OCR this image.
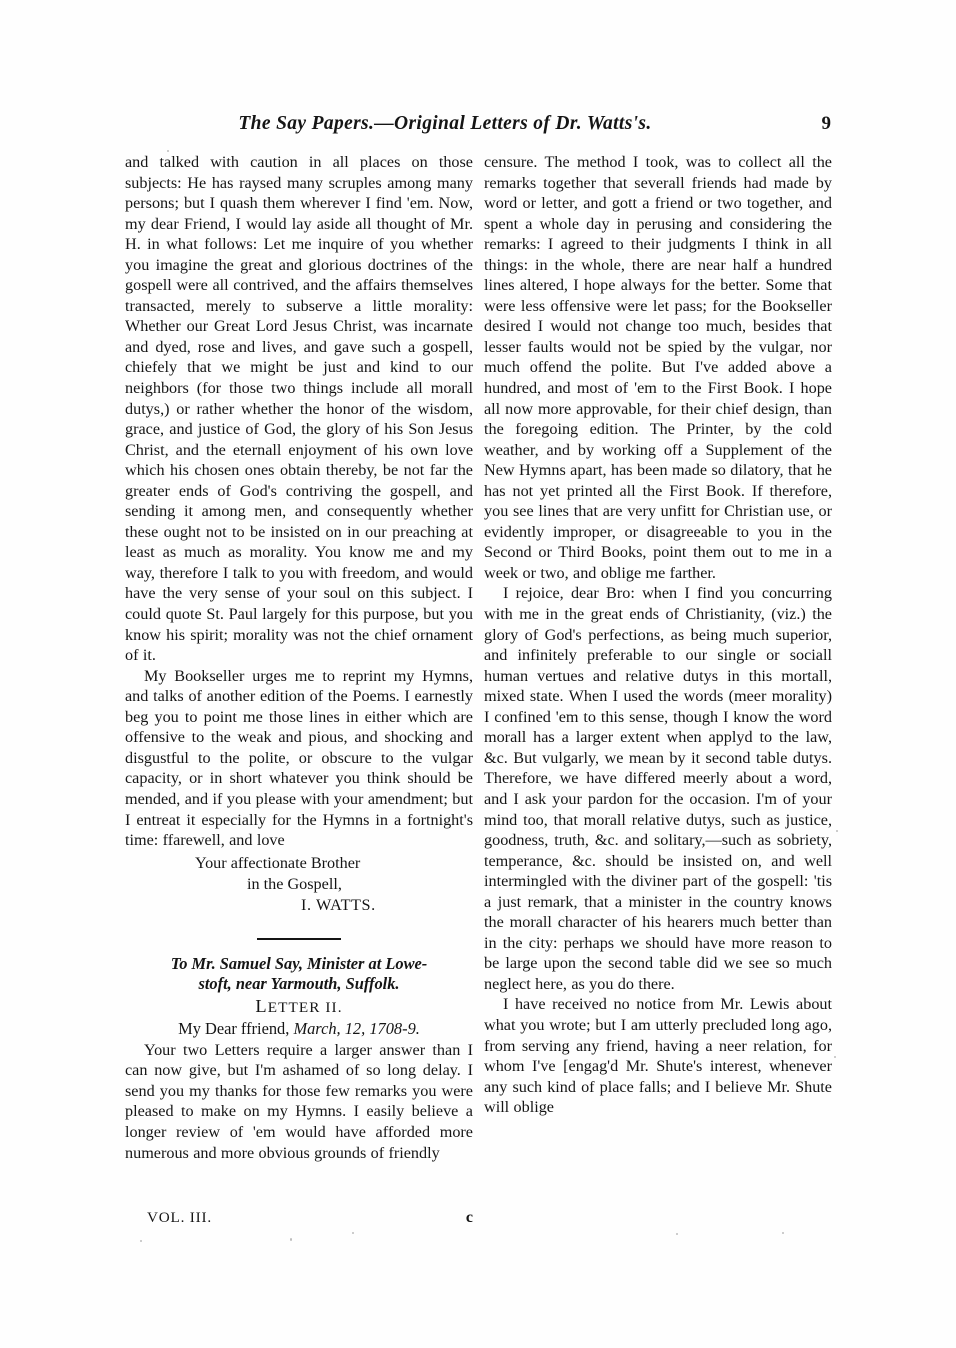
The Say Papers.—Original Letters of Dr. Watts's.	9

and talked with caution in all places on those subjects: He has raysed many scruples among many persons; but I quash them wherever I find 'em. Now, my dear Friend, I would lay aside all thought of Mr. H. in what follows: Let me inquire of you whether you imagine the great and glorious doctrines of the gospell were all contrived, and the affairs themselves transacted, merely to subserve a little morality: Whether our Great Lord Jesus Christ, was incarnate and dyed, rose and lives, and gave such a gospell, chiefely that we might be just and kind to our neighbors (for those two things include all morall dutys,) or rather whether the honor of the wisdom, grace, and justice of God, the glory of his Son Jesus Christ, and the eternall enjoyment of his own love which his chosen ones obtain thereby, be not far the greater ends of God's contriving the gospell, and sending it among men, and consequently whether these ought not to be insisted on in our preaching at least as much as morality. You know me and my way, therefore I talk to you with freedom, and would have the very sense of your soul on this subject. I could quote St. Paul largely for this purpose, but you know his spirit; morality was not the chief ornament of it.

My Bookseller urges me to reprint my Hymns, and talks of another edition of the Poems. I earnestly beg you to point me those lines in either which are offensive to the weak and pious, and shocking and disgustful to the polite, or obscure to the vulgar capacity, or in short whatever you think should be mended, and if you please with your amendment; but I entreat it especially for the Hymns in a fortnight's time: ffarewell, and love

Your affectionate Brother
in the Gospell,
I. WATTS.
To Mr. Samuel Say, Minister at Lowe-
stoft, near Yarmouth, Suffolk.
LETTER II.
My Dear ffriend, March, 12, 1708-9.

Your two Letters require a larger answer than I can now give, but I'm ashamed of so long delay. I send you my thanks for those few remarks you were pleased to make on my Hymns. I easily believe a longer review of 'em would have afforded more numerous and more obvious grounds of friendly

censure. The method I took, was to collect all the remarks together that severall friends had made by word or letter, and gott a friend or two together, and spent a whole day in perusing and considering the remarks: I agreed to their judgments I think in all things: in the whole, there are near half a hundred lines altered, I hope always for the better. Some that were less offensive were let pass; for the Bookseller desired I would not change too much, besides that lesser faults would not be spied by the vulgar, nor much offend the polite. But I've added above a hundred, and most of 'em to the First Book. I hope all now more approvable, for their chief design, than the foregoing edition. The Printer, by the cold weather, and by working off a Supplement of the New Hymns apart, has been made so dilatory, that he has not yet printed all the First Book. If therefore, you see lines that are very unfitt for Christian use, or evidently improper, or disagreeable to you in the Second or Third Books, point them out to me in a week or two, and oblige me farther.

I rejoice, dear Bro: when I find you concurring with me in the great ends of Christianity, (viz.) the glory of God's perfections, as being much superior, and infinitely preferable to our single or sociall human vertues and relative dutys in this mortall, mixed state. When I used the words (meer morality) I confined 'em to this sense, though I know the word morall has a larger extent when applyd to the law, &c. But vulgarly, we mean by it second table dutys. Therefore, we have differed meerly about a word, and I ask your pardon for the occasion. I'm of your mind too, that morall relative dutys, such as justice, goodness, truth, &c. and solitary,—such as sobriety, temperance, &c. should be insisted on, and well intermingled with the diviner part of the gospell: 'tis a just remark, that a minister in the country knows the morall character of his hearers much better than in the city: perhaps we should have more reason to be large upon the second table did we see so much neglect here, as you do there.

I have received no notice from Mr. Lewis about what you wrote; but I am utterly precluded long ago, from serving any friend, having a neer relation, for whom I've [engag'd Mr. Shute's interest, whenever any such kind of place falls; and I believe Mr. Shute will oblige

VOL. III.	c
